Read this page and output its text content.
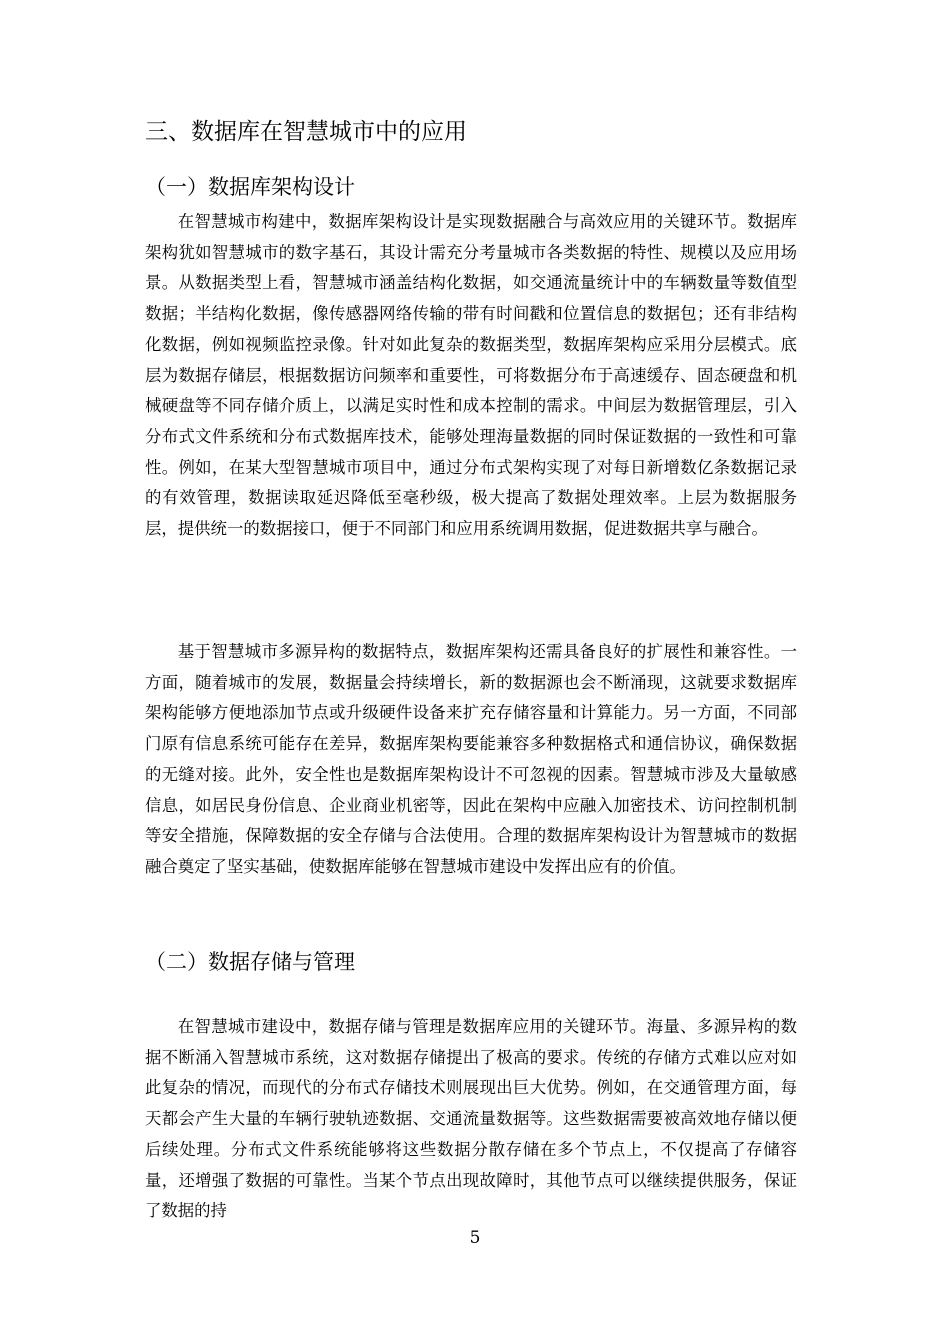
三、数据库在智慧城市中的应用
（一）数据库架构设计

在智慧城市构建中，数据库架构设计是实现数据融合与高效应用的关键环节。数据库架构犹如智慧城市的数字基石，其设计需充分考量城市各类数据的特性、规模以及应用场景。从数据类型上看，智慧城市涵盖结构化数据，如交通流量统计中的车辆数量等数值型数据；半结构化数据，像传感器网络传输的带有时间戳和位置信息的数据包；还有非结构化数据，例如视频监控录像。针对如此复杂的数据类型，数据库架构应采用分层模式。底层为数据存储层，根据数据访问频率和重要性，可将数据分布于高速缓存、固态硬盘和机械硬盘等不同存储介质上，以满足实时性和成本控制的需求。中间层为数据管理层，引入分布式文件系统和分布式数据库技术，能够处理海量数据的同时保证数据的一致性和可靠性。例如，在某大型智慧城市项目中，通过分布式架构实现了对每日新增数亿条数据记录的有效管理，数据读取延迟降低至毫秒级，极大提高了数据处理效率。上层为数据服务层，提供统一的数据接口，便于不同部门和应用系统调用数据，促进数据共享与融合。

基于智慧城市多源异构的数据特点，数据库架构还需具备良好的扩展性和兼容性。一方面，随着城市的发展，数据量会持续增长，新的数据源也会不断涌现，这就要求数据库架构能够方便地添加节点或升级硬件设备来扩充存储容量和计算能力。另一方面，不同部门原有信息系统可能存在差异，数据库架构要能兼容多种数据格式和通信协议，确保数据的无缝对接。此外，安全性也是数据库架构设计不可忽视的因素。智慧城市涉及大量敏感信息，如居民身份信息、企业商业机密等，因此在架构中应融入加密技术、访问控制机制等安全措施，保障数据的安全存储与合法使用。合理的数据库架构设计为智慧城市的数据融合奠定了坚实基础，使数据库能够在智慧城市建设中发挥出应有的价值。

（二）数据存储与管理

在智慧城市建设中，数据存储与管理是数据库应用的关键环节。海量、多源异构的数据不断涌入智慧城市系统，这对数据存储提出了极高的要求。传统的存储方式难以应对如此复杂的情况，而现代的分布式存储技术则展现出巨大优势。例如，在交通管理方面，每天都会产生大量的车辆行驶轨迹数据、交通流量数据等。这些数据需要被高效地存储以便后续处理。分布式文件系统能够将这些数据分散存储在多个节点上，不仅提高了存储容量，还增强了数据的可靠性。当某个节点出现故障时，其他节点可以继续提供服务，保证了数据的持

5
